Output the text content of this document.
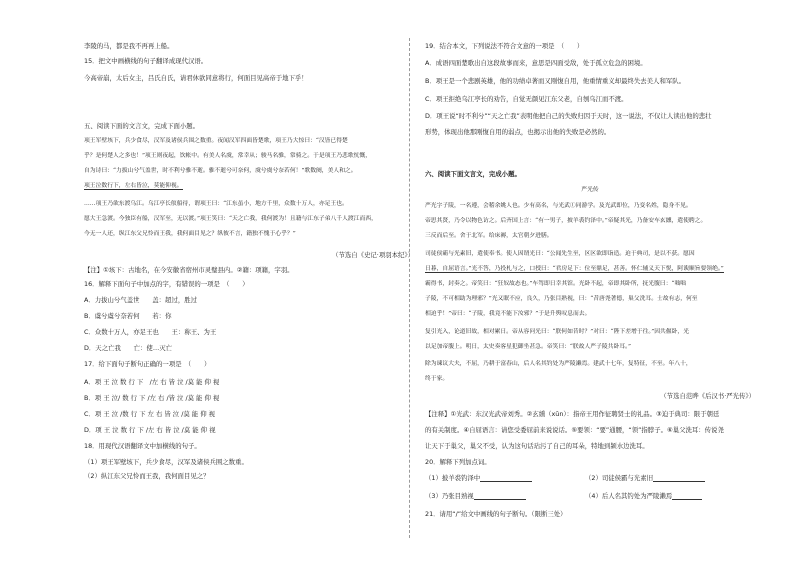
李陵的马，都是我不再再上船。
15．把文中画横线的句子翻译成现代汉语。
今高帝崩，太后女主，吕氏自氏，请君休欲同意将行，何面目见高帝于地下乎！
五、阅读下面的文言文，完成下面小题。
项王军壁垓下，兵少食尽，汉军及诸侯兵围之数重。夜闻汉军四面皆楚歌，项王乃大惊曰：“汉皆已得楚
乎？是何楚人之多也！”项王则夜起，饮帐中。有美人名虞，常幸从；骏马名骓，常骑之。于是项王乃悲歌忼慨，
自为诗曰：“力拔山兮气盖世，时不利兮骓不逝。骓不逝兮可奈何，虞兮虞兮奈若何！”歌数阕，美人和之。
项王泣数行下，左右皆泣，莫能仰视。
……项王乃欲东渡乌江。乌江亭长舣船待，谓项王曰：“江东虽小，地方千里，众数十万人，亦足王也。
愿大王急渡。今独臣有船，汉军至，无以渡。”项王笑曰：“天之亡我，我何渡为！且籍与江东子弟八千人渡江而西，
今无一人还，纵江东父兄怜而王我，我何面目见之？纵彼不言，籍独不愧于心乎？”
（节选自《史记·项羽本纪》）
【注】①垓下：古地名，在今安徽省宿州市灵璧县内。②籍：项籍，字羽。
16．解释下面句子中加点的字，有错误的一项是　（　　）
A．力拔山兮气盖世　　盖：超过，胜过
B．虞兮虞兮奈若何　　若：你
C．众数十万人，亦足王也　　王：称王、为王
D．天之亡我　　亡：使…灭亡
17．给下面句子断句正确的一项是　（　　）
A．项 王 泣 数 行 下　/左 右 皆 泣 /莫 能 仰 视
B．项 王 泣/ 数 行 下 /左 右 /皆 泣 /莫 能 仰 视
C．项 王 泣 /数 行 下 左 右 皆 泣 /莫 能 仰 视
D．项 王 泣 数 行 下 /左 右 皆 泣 /莫 能 仰 视
18．用现代汉语翻译文中加横线的句子。
（1）项王军壁垓下，兵少食尽，汉军及诸侯兵围之数重。
（2）纵江东父兄怜而王我，我何面目见之？
19．结合本文，下列说法不符合文意的一项是　（　　）
A．成语四面楚歌出自这段故事而来，意思是四面受敌，处于孤立危急的困境。
B．项王是一个悲剧英雄，他的功绩卓著而又刚愎自用，他重情重义却最终失去美人和军队。
C．项王拒绝乌江亭长的劝告，自觉无颜见江东父老，自刎乌江而不渡。
D．项王说“时不利兮”“天之亡我”表明他把自己的失败归因于天时，这一说法，不仅让人读出他的悲壮
形势，体现出他那刚愎自用的弱点，也揭示出他的失败是必然的。
六、阅读下面文言文，完成小题。
严光传
严光字子陵，一名遵，会稽余姚人也。少有高名，与光武①同游学。及光武即位，乃变名姓，隐身不见。
帝思其贤，乃令以物色访之。后齐国上言：“有一男子，披羊裘钓泽中。”帝疑其光，乃备安车玄纁，遣使聘之。
三反而后至。舍于北军。给床褥，太官朝夕进膳。
司徒侯霸与光素旧，遣使奉书。使人因谓光曰：“公闻先生至，区区欲即诣造。迫于典司，是以不获。愿因
日暮，自屈语言。”光不答，乃投札与之，口授曰：“君房足下：位至鼎足，甚善。怀仁辅义天下悦，阿谀顺旨要领绝。”
霸得书，封奏之。帝笑曰：“狂奴故态也。”车驾即日幸其馆。光卧不起，帝即其卧所，抚光腹曰：“咄咄
子陵，不可相助为理邪？”光又眠不应，良久，乃张目熟视，曰：“昔唐尧著德，巢父洗耳。士故有志，何至
相迫乎！”帝曰：“子陵，我竟不能下汝邪？”于是升舆叹息而去。
复引光入，论道旧故，相对累日。帝从容问光曰：“朕何如昔时？”对曰：“陛下差增于往。”因共偃卧，光
以足加帝腹上。明日，太史奏客星犯御坐甚急。帝笑曰：“朕故人严子陵共卧耳。”
除为谏议大夫，不屈，乃耕于富春山，后人名其钓处为严陵濑焉。建武十七年，复特征，不至。年八十，
终于家。
（节选自范晔《后汉书·严光传》）
【注释】①光武：东汉光武帝刘秀。②玄纁（xūn）：指帝王用作征聘贤士的礼品。③迫于典司：限于朝廷
的有关制度。④自屈语言：请您受委屈前来说说话。⑤要领：“要”通腰，“领”指脖子。⑥巢父洗耳：传说尧
让天下于巢父，巢父不受，认为这句话玷污了自己的耳朵，特地到颍水边洗耳。
20．解释下列加点词。
（1）披羊裘钓泽中	（2）司徒侯霸与光素旧
（3）乃张目熟视	（4）后人名其钓处为严陵濑焉
21．请用“/”给文中画线的句子断句。（限断三处）
